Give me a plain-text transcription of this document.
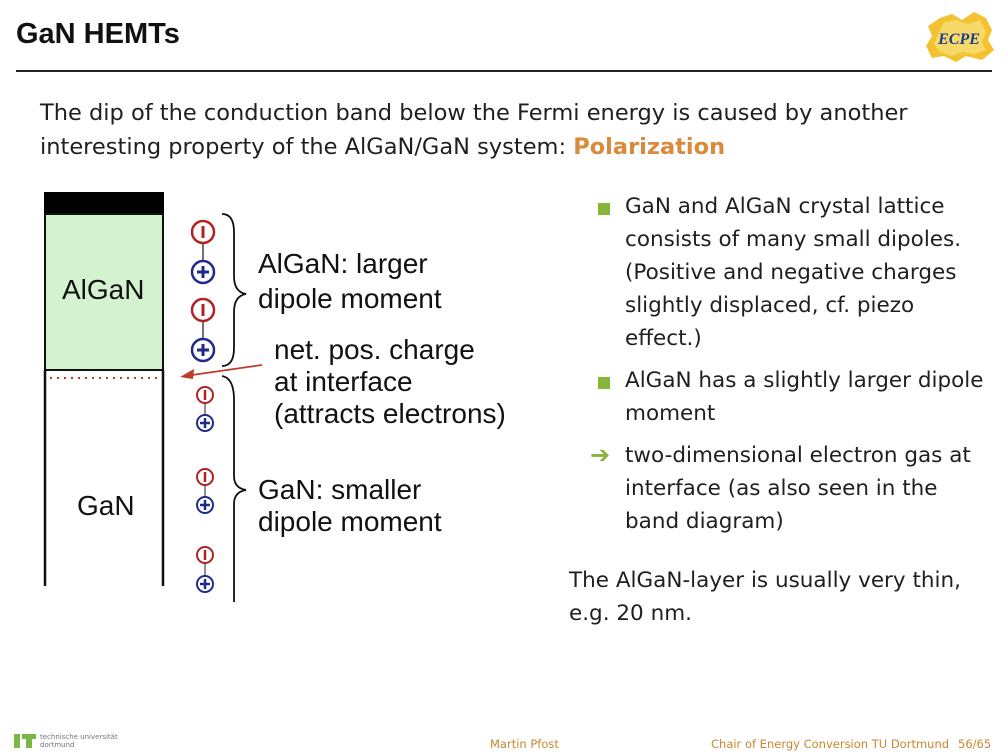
GaN HEMTs	ECPE
The dip of the conduction band below the Fermi energy is caused by another interesting property of the AlGaN/GaN system: Polarization
AlGaN
GaN
AlGaN: larger
dipole moment
net. pos. charge
at interface
(attracts electrons)
GaN: smaller
dipole moment
GaN and AlGaN crystal lattice consists of many small dipoles. (Positive and negative charges slightly displaced, cf. piezo effect.)
AlGaN has a slightly larger dipole moment
➔ two-dimensional electron gas at interface (as also seen in the band diagram)
The AlGaN-layer is usually very thin, e.g. 20 nm.
technische universität
dortmund	Martin Pfost	Chair of Energy Conversion TU Dortmund 56/65
